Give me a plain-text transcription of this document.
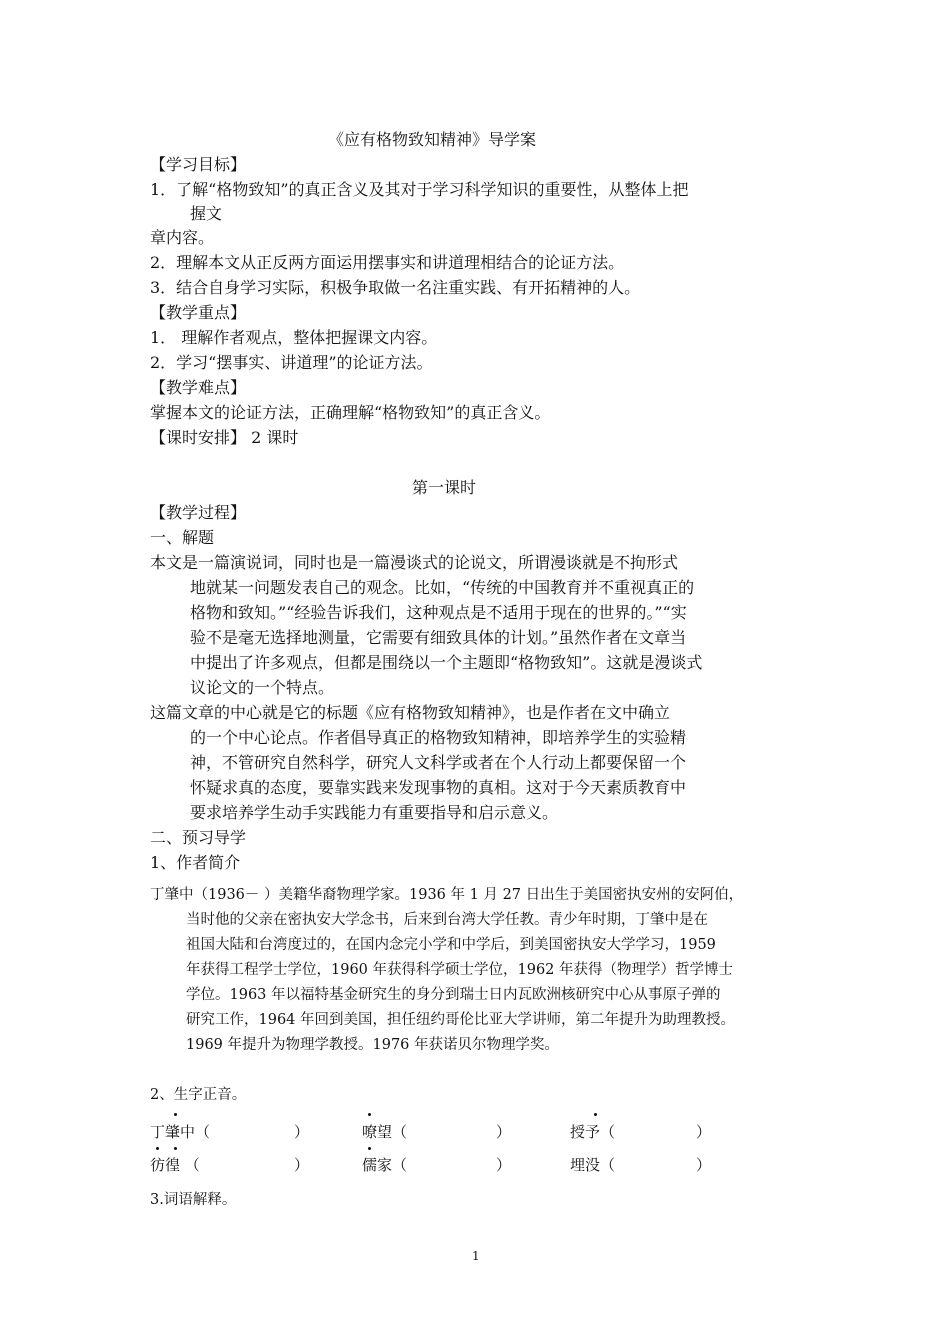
《应有格物致知精神》导学案
【学习目标】
1．了解“格物致知”的真正含义及其对于学习科学知识的重要性，从整体上把
握文
章内容。
2．理解本文从正反两方面运用摆事实和讲道理相结合的论证方法。
3．结合自身学习实际，积极争取做一名注重实践、有开拓精神的人。
【教学重点】
1． 理解作者观点，整体把握课文内容。
2．学习“摆事实、讲道理”的论证方法。
【教学难点】
掌握本文的论证方法，正确理解“格物致知”的真正含义。
【课时安排】 2 课时
第一课时
【教学过程】
一、解题
本文是一篇演说词，同时也是一篇漫谈式的论说文，所谓漫谈就是不拘形式
地就某一问题发表自己的观念。比如，“传统的中国教育并不重视真正的
格物和致知。”“经验告诉我们，这种观点是不适用于现在的世界的。”“实
验不是毫无选择地测量，它需要有细致具体的计划。”虽然作者在文章当
中提出了许多观点，但都是围绕以一个主题即“格物致知”。这就是漫谈式
议论文的一个特点。
这篇文章的中心就是它的标题《应有格物致知精神》，也是作者在文中确立
的一个中心论点。作者倡导真正的格物致知精神，即培养学生的实验精
神，不管研究自然科学，研究人文科学或者在个人行动上都要保留一个
怀疑求真的态度，要靠实践来发现事物的真相。这对于今天素质教育中
要求培养学生动手实践能力有重要指导和启示意义。
二、预习导学
1、作者简介
丁肇中（1936－ ）美籍华裔物理学家。1936 年 1 月 27 日出生于美国密执安州的安阿伯，
当时他的父亲在密执安大学念书，后来到台湾大学任教。青少年时期，丁肇中是在
祖国大陆和台湾度过的，在国内念完小学和中学后，到美国密执安大学学习，1959
年获得工程学士学位，1960 年获得科学硕士学位，1962 年获得（物理学）哲学博士
学位。1963 年以福特基金研究生的身分到瑞士日内瓦欧洲核研究中心从事原子弹的
研究工作，1964 年回到美国，担任纽约哥伦比亚大学讲师，第二年提升为助理教授。
1969 年提升为物理学教授。1976 年获诺贝尔物理学奖。
2、生字正音。
丁肇中（	）	嘹望（	）	授予（	）
彷徨 （	）	儒家（	）	埋没（	）
3.词语解释。
1
